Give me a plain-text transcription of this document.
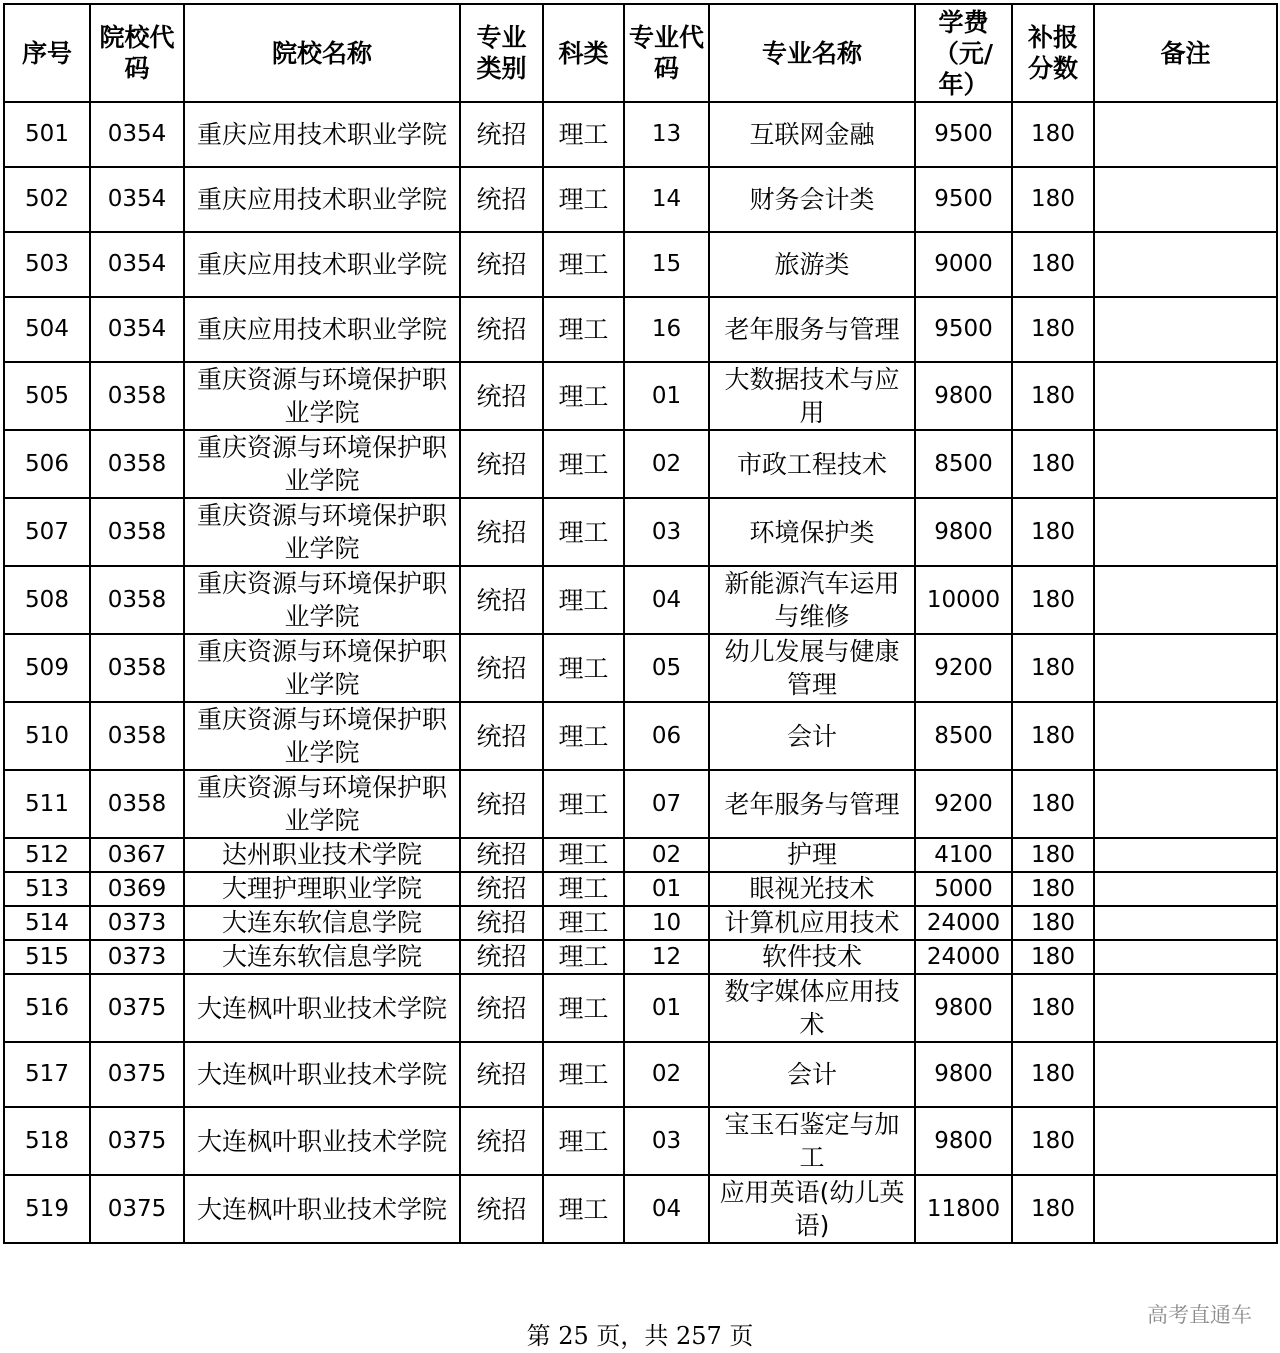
序号	院校代码	院校名称	专业类别	科类	专业代码	专业名称	学费（元/年）	补报分数	备注
501	0354	重庆应用技术职业学院	统招	理工	13	互联网金融	9500	180	
502	0354	重庆应用技术职业学院	统招	理工	14	财务会计类	9500	180	
503	0354	重庆应用技术职业学院	统招	理工	15	旅游类	9000	180	
504	0354	重庆应用技术职业学院	统招	理工	16	老年服务与管理	9500	180	
505	0358	重庆资源与环境保护职业学院	统招	理工	01	大数据技术与应用	9800	180	
506	0358	重庆资源与环境保护职业学院	统招	理工	02	市政工程技术	8500	180	
507	0358	重庆资源与环境保护职业学院	统招	理工	03	环境保护类	9800	180	
508	0358	重庆资源与环境保护职业学院	统招	理工	04	新能源汽车运用与维修	10000	180	
509	0358	重庆资源与环境保护职业学院	统招	理工	05	幼儿发展与健康管理	9200	180	
510	0358	重庆资源与环境保护职业学院	统招	理工	06	会计	8500	180	
511	0358	重庆资源与环境保护职业学院	统招	理工	07	老年服务与管理	9200	180	
512	0367	达州职业技术学院	统招	理工	02	护理	4100	180	
513	0369	大理护理职业学院	统招	理工	01	眼视光技术	5000	180	
514	0373	大连东软信息学院	统招	理工	10	计算机应用技术	24000	180	
515	0373	大连东软信息学院	统招	理工	12	软件技术	24000	180	
516	0375	大连枫叶职业技术学院	统招	理工	01	数字媒体应用技术	9800	180	
517	0375	大连枫叶职业技术学院	统招	理工	02	会计	9800	180	
518	0375	大连枫叶职业技术学院	统招	理工	03	宝玉石鉴定与加工	9800	180	
519	0375	大连枫叶职业技术学院	统招	理工	04	应用英语(幼儿英语)	11800	180	
第 25 页，共 257 页
高考直通车
